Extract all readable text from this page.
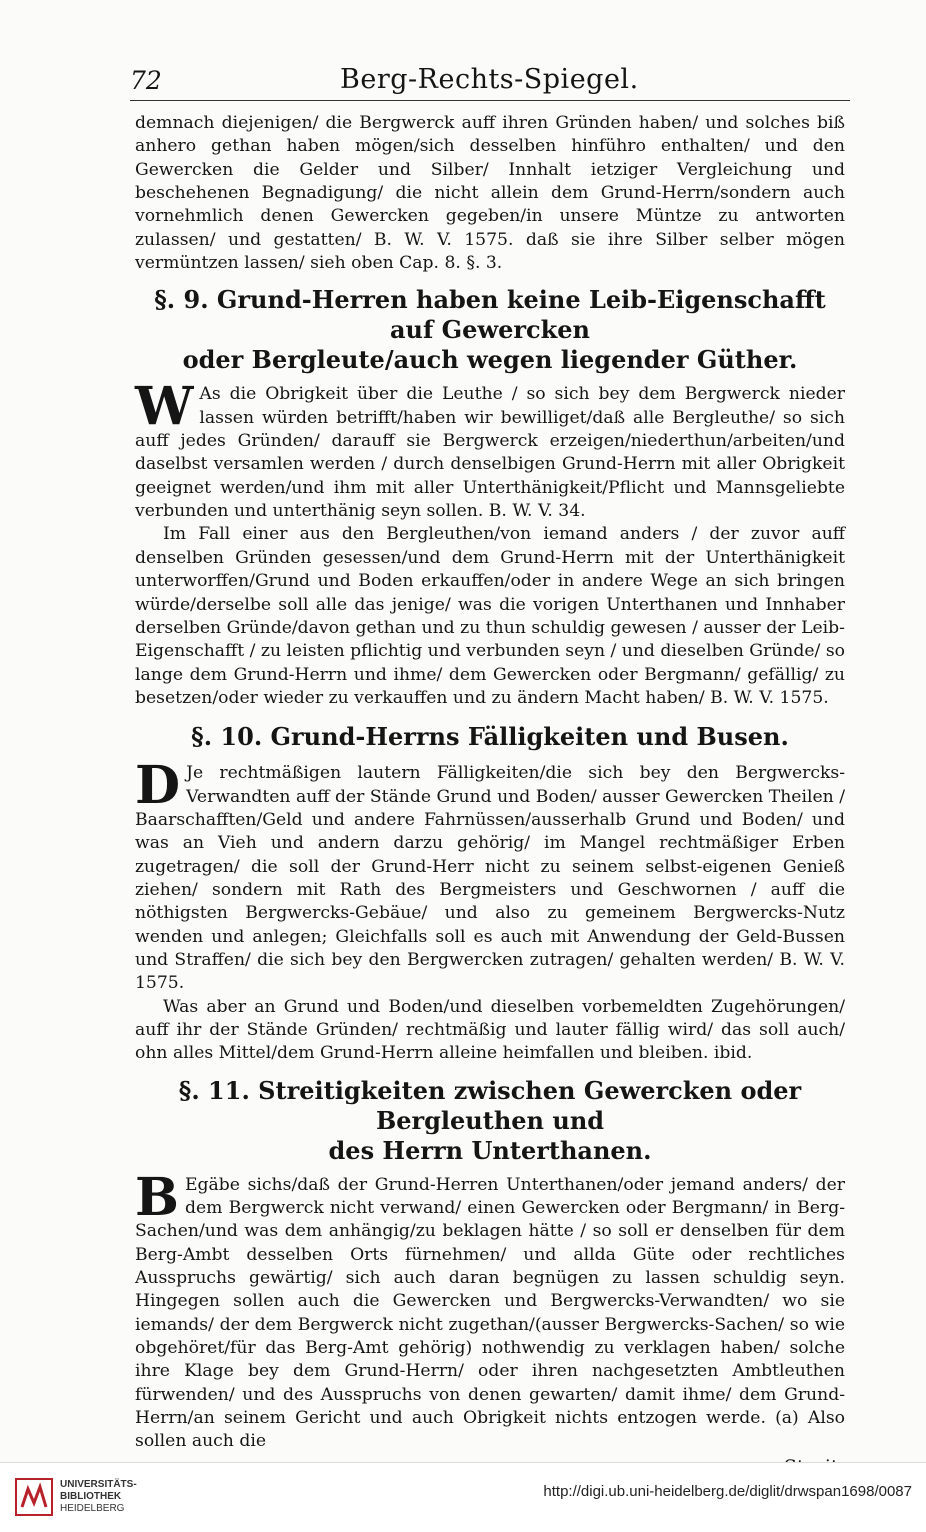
72	Berg-Rechts-Spiegel.

demnach diejenigen/ die Bergwerck auff ihren Gründen haben/ und solches biß anhero gethan haben mögen/sich desselben hinführo enthalten/ und den Gewercken die Gelder und Silber/ Innhalt ietziger Vergleichung und beschehenen Begnadigung/ die nicht allein dem Grund-Herrn/sondern auch vornehmlich denen Gewercken gegeben/in unsere Müntze zu antworten zulassen/ und gestatten/ B. W. V. 1575. daß sie ihre Silber selber mögen vermüntzen lassen/ sieh oben Cap. 8. §. 3.

§. 9. Grund-Herren haben keine Leib-Eigenschafft auf Gewercken
oder Bergleute/auch wegen liegender Güther.

W As die Obrigkeit über die Leuthe / so sich bey dem Bergwerck nieder lassen würden betrifft/haben wir bewilliget/daß alle Bergleuthe/ so sich auff jedes Gründen/ darauff sie Bergwerck erzeigen/niederthun/arbeiten/und daselbst versamlen werden / durch denselbigen Grund-Herrn mit aller Obrigkeit geeignet werden/und ihm mit aller Unterthänigkeit/Pflicht und Mannsgeliebte verbunden und unterthänig seyn sollen. B. W. V. 34.

Im Fall einer aus den Bergleuthen/von iemand anders / der zuvor auff denselben Gründen gesessen/und dem Grund-Herrn mit der Unterthänigkeit unterworffen/Grund und Boden erkauffen/oder in andere Wege an sich bringen würde/derselbe soll alle das jenige/ was die vorigen Unterthanen und Innhaber derselben Gründe/davon gethan und zu thun schuldig gewesen / ausser der Leib-Eigenschafft / zu leisten pflichtig und verbunden seyn / und dieselben Gründe/ so lange dem Grund-Herrn und ihme/ dem Gewercken oder Bergmann/ gefällig/ zu besetzen/oder wieder zu verkauffen und zu ändern Macht haben/ B. W. V. 1575.

§. 10. Grund-Herrns Fälligkeiten und Busen.

D Je rechtmäßigen lautern Fälligkeiten/die sich bey den Bergwercks-Verwandten auff der Stände Grund und Boden/ ausser Gewercken Theilen / Baarschafften/Geld und andere Fahrnüssen/ausserhalb Grund und Boden/ und was an Vieh und andern darzu gehörig/ im Mangel rechtmäßiger Erben zugetragen/ die soll der Grund-Herr nicht zu seinem selbst-eigenen Genieß ziehen/ sondern mit Rath des Bergmeisters und Geschwornen / auff die nöthigsten Bergwercks-Gebäue/ und also zu gemeinem Bergwercks-Nutz wenden und anlegen; Gleichfalls soll es auch mit Anwendung der Geld-Bussen und Straffen/ die sich bey den Bergwercken zutragen/ gehalten werden/ B. W. V. 1575.

Was aber an Grund und Boden/und dieselben vorbemeldten Zugehörungen/ auff ihr der Stände Gründen/ rechtmäßig und lauter fällig wird/ das soll auch/ ohn alles Mittel/dem Grund-Herrn alleine heimfallen und bleiben. ibid.

§. 11. Streitigkeiten zwischen Gewercken oder Bergleuthen und
des Herrn Unterthanen.

B Egäbe sichs/daß der Grund-Herren Unterthanen/oder jemand anders/ der dem Bergwerck nicht verwand/ einen Gewercken oder Bergmann/ in Berg-Sachen/und was dem anhängig/zu beklagen hätte / so soll er denselben für dem Berg-Ambt desselben Orts fürnehmen/ und allda Güte oder rechtliches Ausspruchs gewärtig/ sich auch daran begnügen zu lassen schuldig seyn. Hingegen sollen auch die Gewercken und Bergwercks-Verwandten/ wo sie iemands/ der dem Bergwerck nicht zugethan/(ausser Bergwercks-Sachen/ so wie obgehöret/für das Berg-Amt gehörig) nothwendig zu verklagen haben/ solche ihre Klage bey dem Grund-Herrn/ oder ihren nachgesetzten Ambtleuthen fürwenden/ und des Ausspruchs von denen gewarten/ damit ihme/ dem Grund-Herrn/an seinem Gericht und auch Obrigkeit nichts entzogen werde. (a) Also sollen auch die

UNIVERSITÄTS-
BIBLIOTHEK
HEIDELBERG
http://digi.ub.uni-heidelberg.de/diglit/drwspan1698/0087
